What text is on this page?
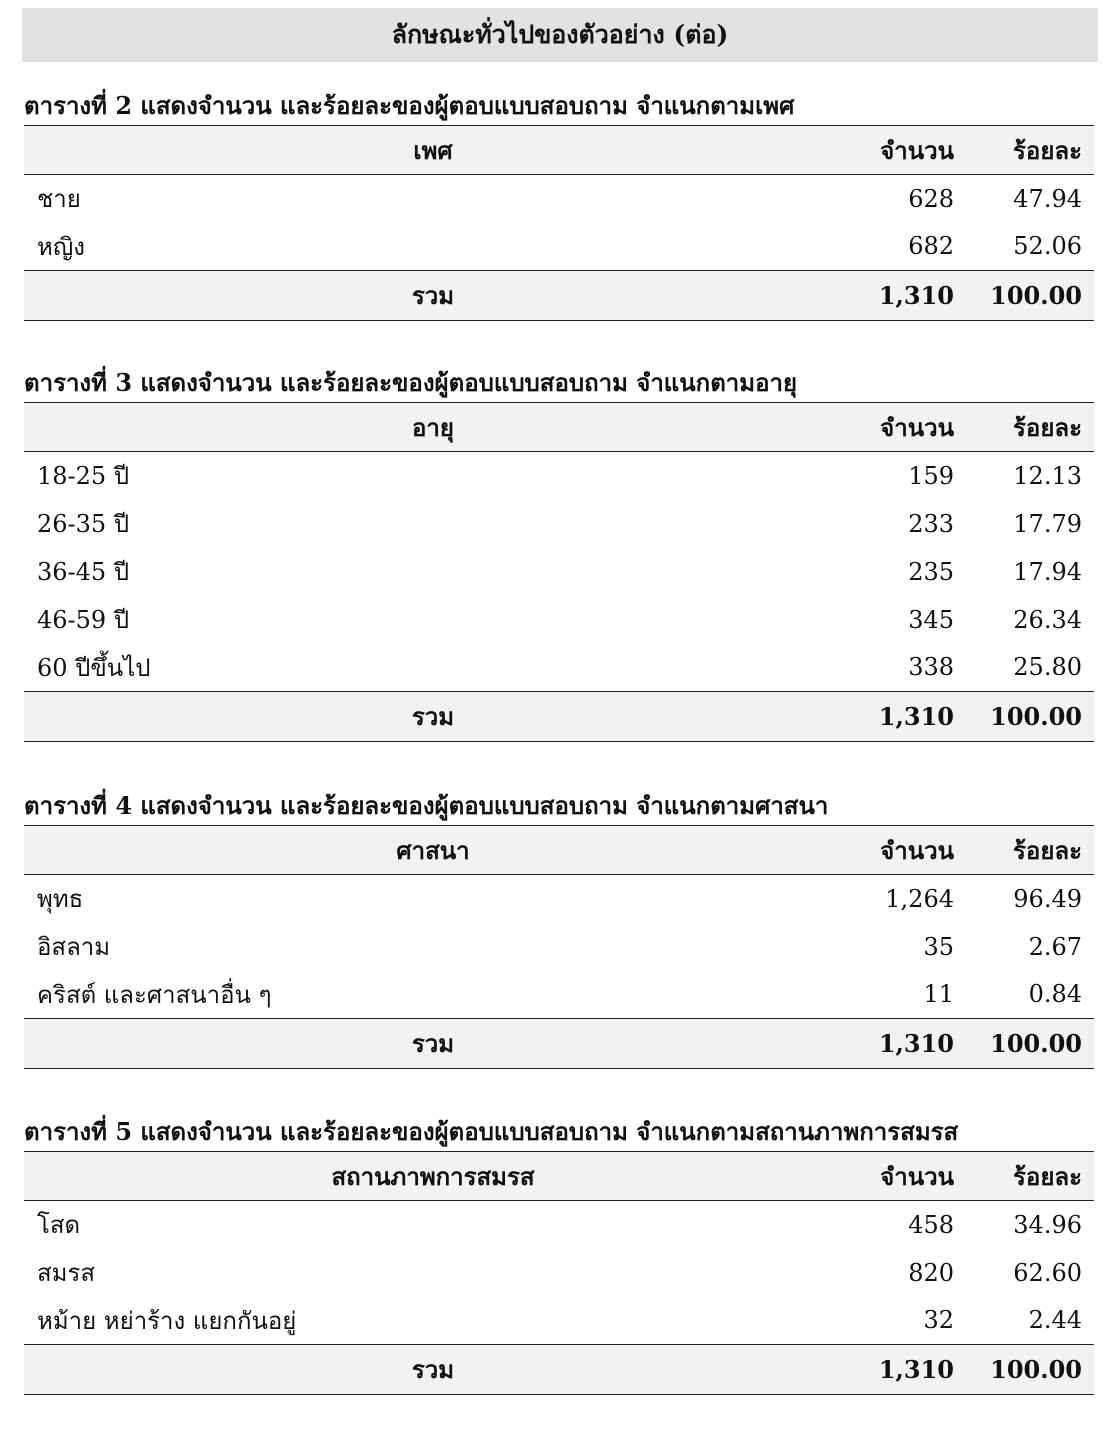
ลักษณะทั่วไปของตัวอย่าง (ต่อ)
ตารางที่ 2 แสดงจำนวน และร้อยละของผู้ตอบแบบสอบถาม จำแนกตามเพศ
เพศ	จำนวน	ร้อยละ
ชาย	628	47.94
หญิง	682	52.06
รวม	1,310	100.00
ตารางที่ 3 แสดงจำนวน และร้อยละของผู้ตอบแบบสอบถาม จำแนกตามอายุ
อายุ	จำนวน	ร้อยละ
18-25 ปี	159	12.13
26-35 ปี	233	17.79
36-45 ปี	235	17.94
46-59 ปี	345	26.34
60 ปีขึ้นไป	338	25.80
รวม	1,310	100.00
ตารางที่ 4 แสดงจำนวน และร้อยละของผู้ตอบแบบสอบถาม จำแนกตามศาสนา
ศาสนา	จำนวน	ร้อยละ
พุทธ	1,264	96.49
อิสลาม	35	2.67
คริสต์ และศาสนาอื่น ๆ	11	0.84
รวม	1,310	100.00
ตารางที่ 5 แสดงจำนวน และร้อยละของผู้ตอบแบบสอบถาม จำแนกตามสถานภาพการสมรส
สถานภาพการสมรส	จำนวน	ร้อยละ
โสด	458	34.96
สมรส	820	62.60
หม้าย หย่าร้าง แยกกันอยู่	32	2.44
รวม	1,310	100.00
